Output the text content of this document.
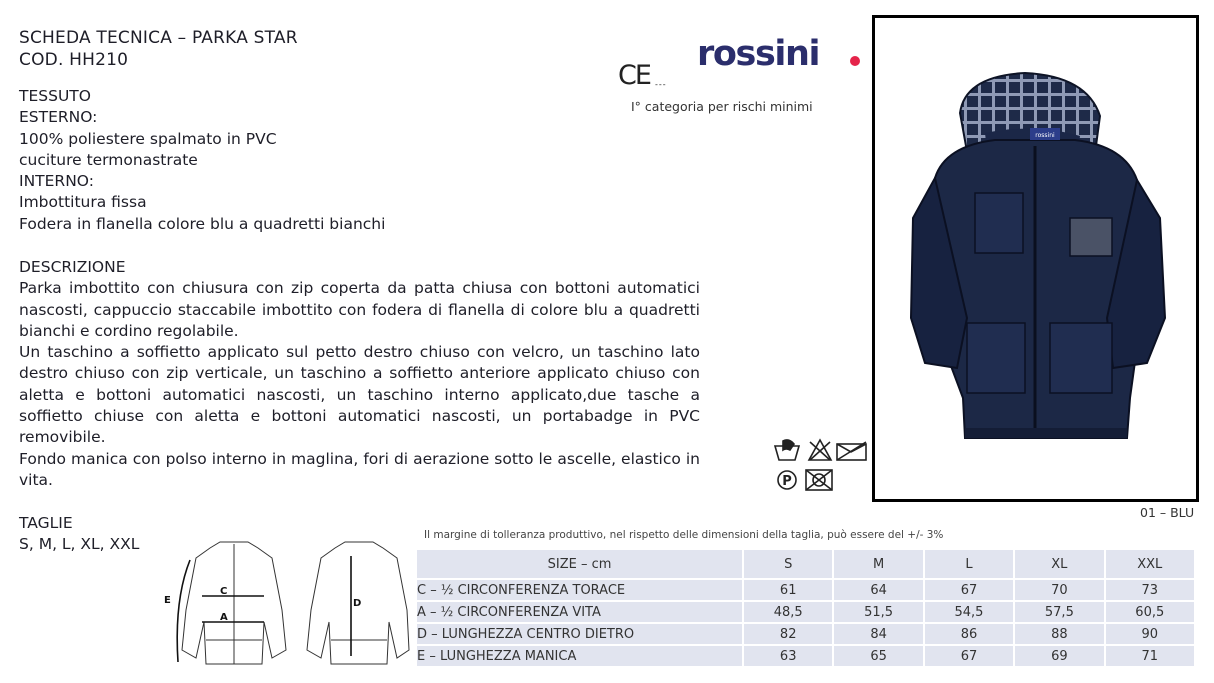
SCHEDA TECNICA – PARKA STAR
COD. HH210
TESSUTO
ESTERNO:
100% poliestere spalmato in PVC
cuciture termonastrate
INTERNO:
Imbottitura fissa
Fodera in flanella colore blu a quadretti bianchi
DESCRIZIONE

Parka imbottito con chiusura con zip coperta da patta chiusa con bottoni automatici nascosti, cappuccio staccabile imbottito con fodera di flanella di colore blu a quadretti bianchi e cordino regolabile.

Un taschino a soffietto applicato sul petto destro chiuso con velcro, un taschino lato destro chiuso con zip verticale, un taschino a soffietto anteriore applicato chiuso con aletta e bottoni automatici nascosti, un taschino interno applicato,due tasche a soffietto chiuse con aletta e bottoni automatici nascosti, un portabadge in PVC removibile.

Fondo manica con polso interno in maglina, fori di aerazione sotto le ascelle, elastico in vita.

TAGLIE
S, M, L, XL, XXL
rossini
CE ---
I° categoria per rischi minimi
rossini
01 – BLU
P
C
A
E	D
Il margine di tolleranza produttivo, nel rispetto delle dimensioni della taglia, può essere del +/- 3%
SIZE – cm	S	M	L	XL	XXL
C – ½ CIRCONFERENZA TORACE	61	64	67	70	73
A – ½ CIRCONFERENZA VITA	48,5	51,5	54,5	57,5	60,5
D – LUNGHEZZA CENTRO DIETRO	82	84	86	88	90
E – LUNGHEZZA MANICA	63	65	67	69	71
